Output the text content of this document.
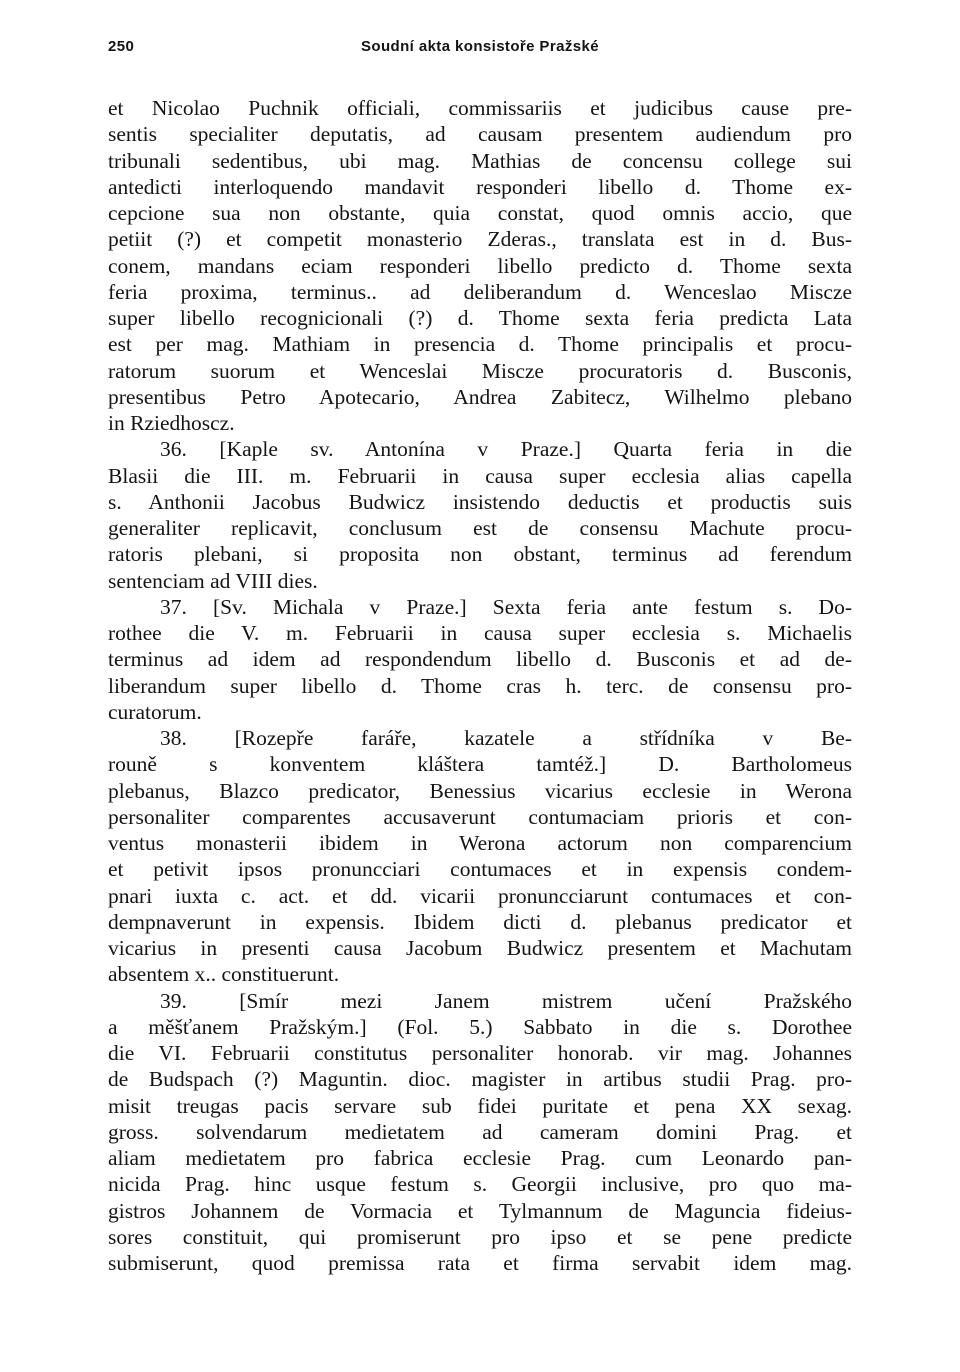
250	Soudní akta konsistoře Pražské
et Nicolao Puchnik officiali, commissariis et judicibus cause pre-
sentis specialiter deputatis, ad causam presentem audiendum pro
tribunali sedentibus, ubi mag. Mathias de concensu college sui
antedicti interloquendo mandavit responderi libello d. Thome ex-
cepcione sua non obstante, quia constat, quod omnis accio, que
petiit (?) et competit monasterio Zderas., translata est in d. Bus-
conem, mandans eciam responderi libello predicto d. Thome sexta
feria proxima, terminus.. ad deliberandum d. Wenceslao Miscze
super libello recognicionali (?) d. Thome sexta feria predicta Lata
est per mag. Mathiam in presencia d. Thome principalis et procu-
ratorum suorum et Wenceslai Miscze procuratoris d. Busconis,
presentibus Petro Apotecario, Andrea Zabitecz, Wilhelmo plebano
in Rziedhoscz.
36. [Kaple sv. Antonína v Praze.] Quarta feria in die
Blasii die III. m. Februarii in causa super ecclesia alias capella
s. Anthonii Jacobus Budwicz insistendo deductis et productis suis
generaliter replicavit, conclusum est de consensu Machute procu-
ratoris plebani, si proposita non obstant, terminus ad ferendum
sentenciam ad VIII dies.
37. [Sv. Michala v Praze.] Sexta feria ante festum s. Do-
rothee die V. m. Februarii in causa super ecclesia s. Michaelis
terminus ad idem ad respondendum libello d. Busconis et ad de-
liberandum super libello d. Thome cras h. terc. de consensu pro-
curatorum.
38. [Rozepře faráře, kazatele a střídníka v Be-
rouně s konventem kláštera tamtéž.] D. Bartholomeus
plebanus, Blazco predicator, Benessius vicarius ecclesie in Werona
personaliter comparentes accusaverunt contumaciam prioris et con-
ventus monasterii ibidem in Werona actorum non comparencium
et petivit ipsos pronuncciari contumaces et in expensis condem-
pnari iuxta c. act. et dd. vicarii pronuncciarunt contumaces et con-
dempnaverunt in expensis. Ibidem dicti d. plebanus predicator et
vicarius in presenti causa Jacobum Budwicz presentem et Machutam
absentem x.. constituerunt.
39. [Smír mezi Janem mistrem učení Pražského
a měšťanem Pražským.] (Fol. 5.) Sabbato in die s. Dorothee
die VI. Februarii constitutus personaliter honorab. vir mag. Johannes
de Budspach (?) Maguntin. dioc. magister in artibus studii Prag. pro-
misit treugas pacis servare sub fidei puritate et pena XX sexag.
gross. solvendarum medietatem ad cameram domini Prag. et
aliam medietatem pro fabrica ecclesie Prag. cum Leonardo pan-
nicida Prag. hinc usque festum s. Georgii inclusive, pro quo ma-
gistros Johannem de Vormacia et Tylmannum de Maguncia fideius-
sores constituit, qui promiserunt pro ipso et se pene predicte
submiserunt, quod premissa rata et firma servabit idem mag.
